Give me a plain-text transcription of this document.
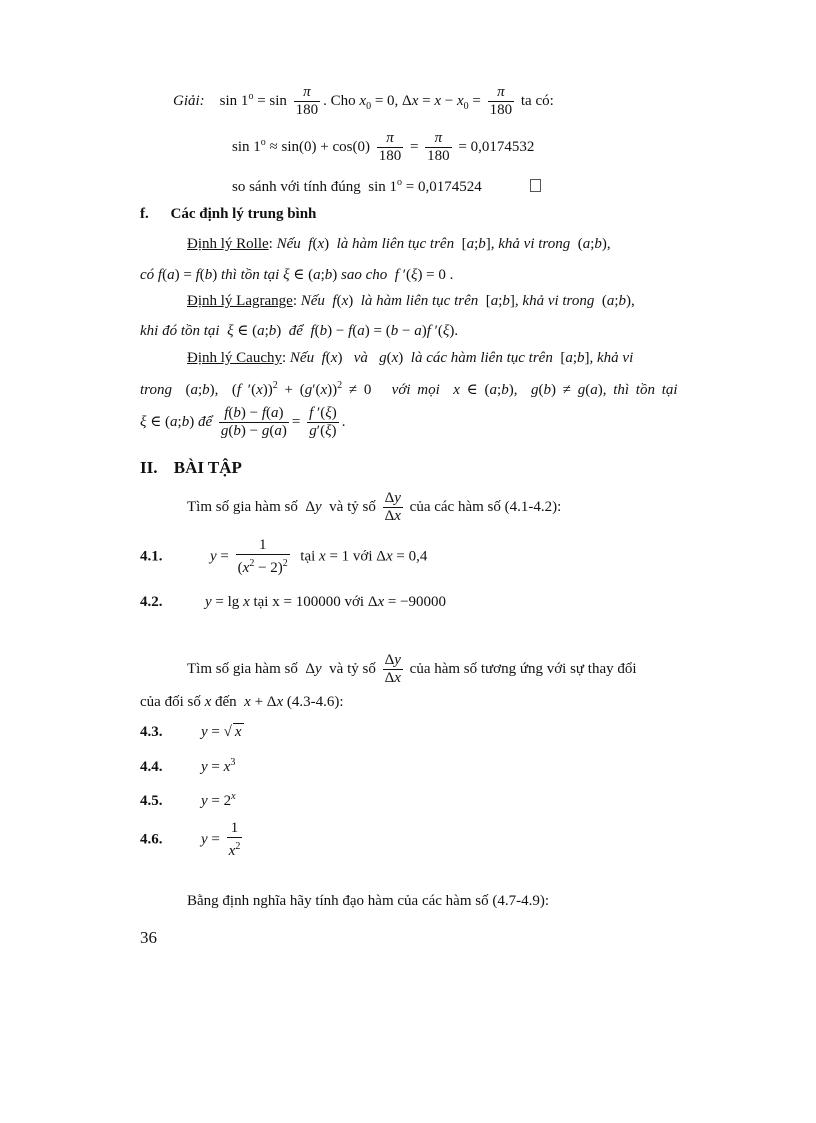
Giải:    $\sin 1^o = \sin \frac{\pi}{180}$ . Cho $x_0 = 0$, $\Delta x = x - x_0 = \frac{\pi}{180}$ ta có:
$\sin 1^o \approx \sin(0) + \cos(0) \frac{\pi}{180} = \frac{\pi}{180} = 0,0174532$
so sánh với tính đúng  $\sin 1^o = 0,0174524$
f. Các định lý trung bình
Định lý Rolle: Nếu f(x)  là hàm liên tục trên  [a;b], khả vi trong  (a;b),
có f(a) = f(b) thì tồn tại ξ ∈ (a;b) sao cho f ′(ξ) = 0 .
Định lý Lagrange: Nếu f(x)  là hàm liên tục trên  [a;b], khả vi trong  (a;b),
khi đó tồn tại ξ ∈ (a;b)  để f(b) − f(a) = (b − a)f ′(ξ).
Định lý Cauchy: Nếu f(x)   và g(x)  là các hàm liên tục trên  [a;b], khả vi
trong  (a;b),  (f $'(x))^2 + (g'(x))^2 \ne 0$   với mọi x ∈ (a;b),  g(b) ≠ g(a), thì tồn tại
ξ ∈ (a;b) để $\frac{f(b) - f(a)}{g(b) - g(a)} = \frac{f '(\xi)}{g'(\xi)}$ .
II. BÀI TẬP
Tìm số gia hàm số  Δy và tỷ số $\frac{\Delta y}{\Delta x}$ của các hàm số (4.1-4.2):
4.1.	$y = \frac{1}{(x^2 - 2)^2}$ tại x = 1 với Δx = 0,4
4.2.	y = lg x tại x = 100000 với Δx = −90000
Tìm số gia hàm số  Δy và tỷ số $\frac{\Delta y}{\Delta x}$ của hàm số tương ứng với sự thay đổi
của đối số x đến x + Δx (4.3-4.6):
4.3.	y = √ x
4.4.	$y = x^3$
4.5.	$y = 2^x$
4.6.	$y = \frac{1}{x^2}$
Bằng định nghĩa hãy tính đạo hàm của các hàm số (4.7-4.9):
36
